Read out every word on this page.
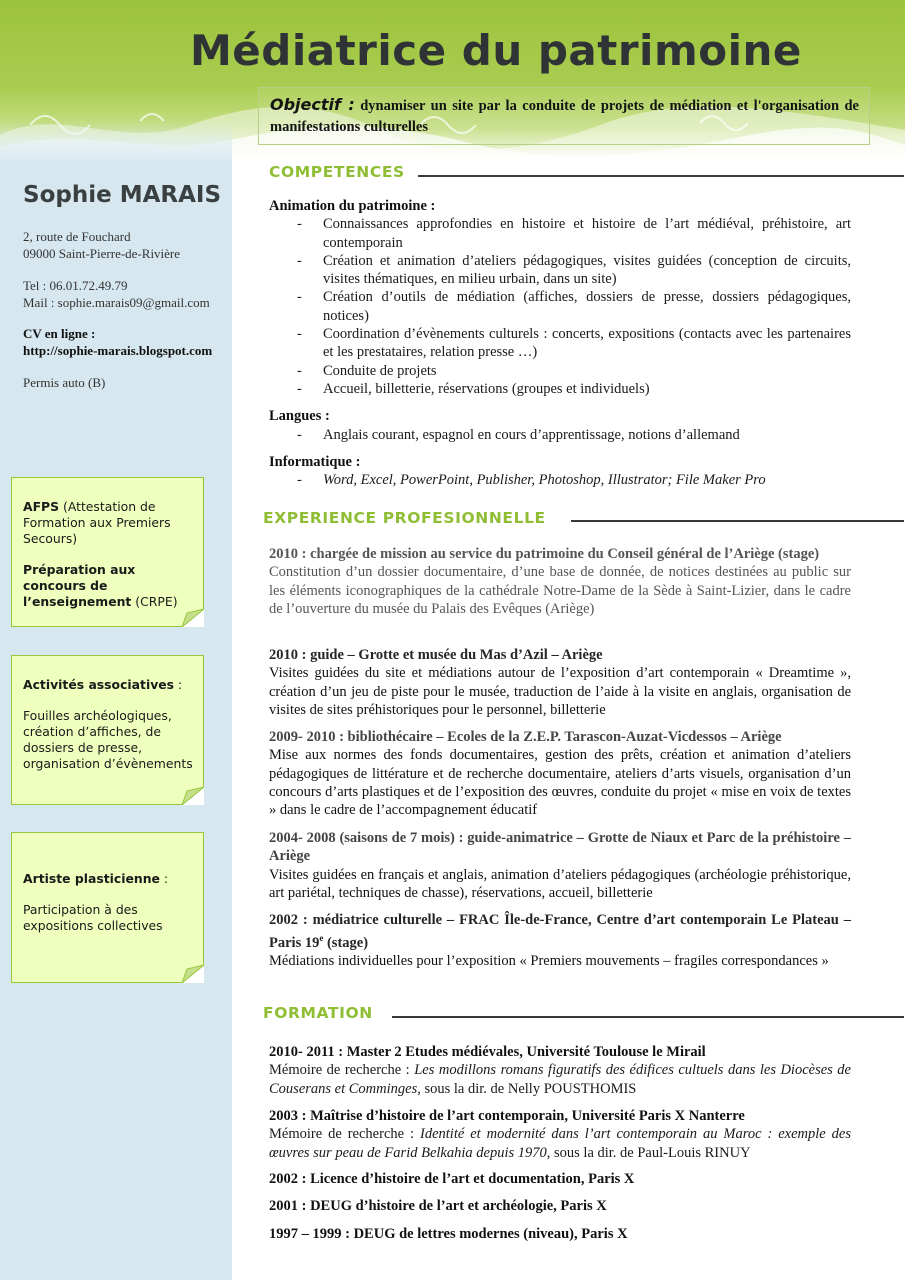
Médiatrice du patrimoine
Objectif : dynamiser un site par la conduite de projets de médiation et l'organisation de manifestations culturelles
Sophie MARAIS
2, route de Fouchard
09000 Saint-Pierre-de-Rivière
Tel : 06.01.72.49.79
Mail : sophie.marais09@gmail.com
CV en ligne :
http://sophie-marais.blogspot.com
Permis auto (B)

AFPS (Attestation de Formation aux Premiers Secours)

Préparation aux concours de l’enseignement (CRPE)

Activités associatives :

Fouilles archéologiques, création d’affiches, de dossiers de presse, organisation d’évènements

Artiste plasticienne :

Participation à des expositions collectives

COMPETENCES
Animation du patrimoine :
- Connaissances approfondies en histoire et histoire de l’art médiéval, préhistoire, art contemporain
- Création et animation d’ateliers pédagogiques, visites guidées (conception de circuits, visites thématiques, en milieu urbain, dans un site)
- Création d’outils de médiation (affiches, dossiers de presse, dossiers pédagogiques, notices)
- Coordination d’évènements culturels : concerts, expositions (contacts avec les partenaires et les prestataires, relation presse …)
- Conduite de projets
- Accueil, billetterie, réservations (groupes et individuels)
Langues :
- Anglais courant, espagnol en cours d’apprentissage, notions d’allemand
Informatique :
- Word, Excel, PowerPoint, Publisher, Photoshop, Illustrator; File Maker Pro
EXPERIENCE PROFESIONNELLE
2010 : chargée de mission au service du patrimoine du Conseil général de l’Ariège (stage)
Constitution d’un dossier documentaire, d’une base de donnée, de notices destinées au public sur les éléments iconographiques de la cathédrale Notre-Dame de la Sède à Saint-Lizier, dans le cadre de l’ouverture du musée du Palais des Evêques (Ariège)
2010 : guide – Grotte et musée du Mas d’Azil – Ariège
Visites guidées du site et médiations autour de l’exposition d’art contemporain « Dreamtime », création d’un jeu de piste pour le musée, traduction de l’aide à la visite en anglais, organisation de visites de sites préhistoriques pour le personnel, billetterie
2009- 2010 : bibliothécaire – Ecoles de la Z.E.P. Tarascon-Auzat-Vicdessos – Ariège
Mise aux normes des fonds documentaires, gestion des prêts, création et animation d’ateliers pédagogiques de littérature et de recherche documentaire, ateliers d’arts visuels, organisation d’un concours d’arts plastiques et de l’exposition des œuvres, conduite du projet « mise en voix de textes » dans le cadre de l’accompagnement éducatif
2004- 2008 (saisons de 7 mois) : guide-animatrice – Grotte de Niaux et Parc de la préhistoire – Ariège
Visites guidées en français et anglais, animation d’ateliers pédagogiques (archéologie préhistorique, art pariétal, techniques de chasse), réservations, accueil, billetterie
2002 : médiatrice culturelle – FRAC Île-de-France, Centre d’art contemporain Le Plateau – Paris 19e (stage)
Médiations individuelles pour l’exposition « Premiers mouvements – fragiles correspondances »
FORMATION
2010- 2011 : Master 2 Etudes médiévales, Université Toulouse le Mirail
Mémoire de recherche : Les modillons romans figuratifs des édifices cultuels dans les Diocèses de Couserans et Comminges, sous la dir. de Nelly POUSTHOMIS
2003 : Maîtrise d’histoire de l’art contemporain, Université Paris X Nanterre
Mémoire de recherche : Identité et modernité dans l’art contemporain au Maroc : exemple des œuvres sur peau de Farid Belkahia depuis 1970, sous la dir. de Paul-Louis RINUY
2002 : Licence d’histoire de l’art et documentation, Paris X
2001 : DEUG d’histoire de l’art et archéologie, Paris X
1997 – 1999 : DEUG de lettres modernes (niveau), Paris X
